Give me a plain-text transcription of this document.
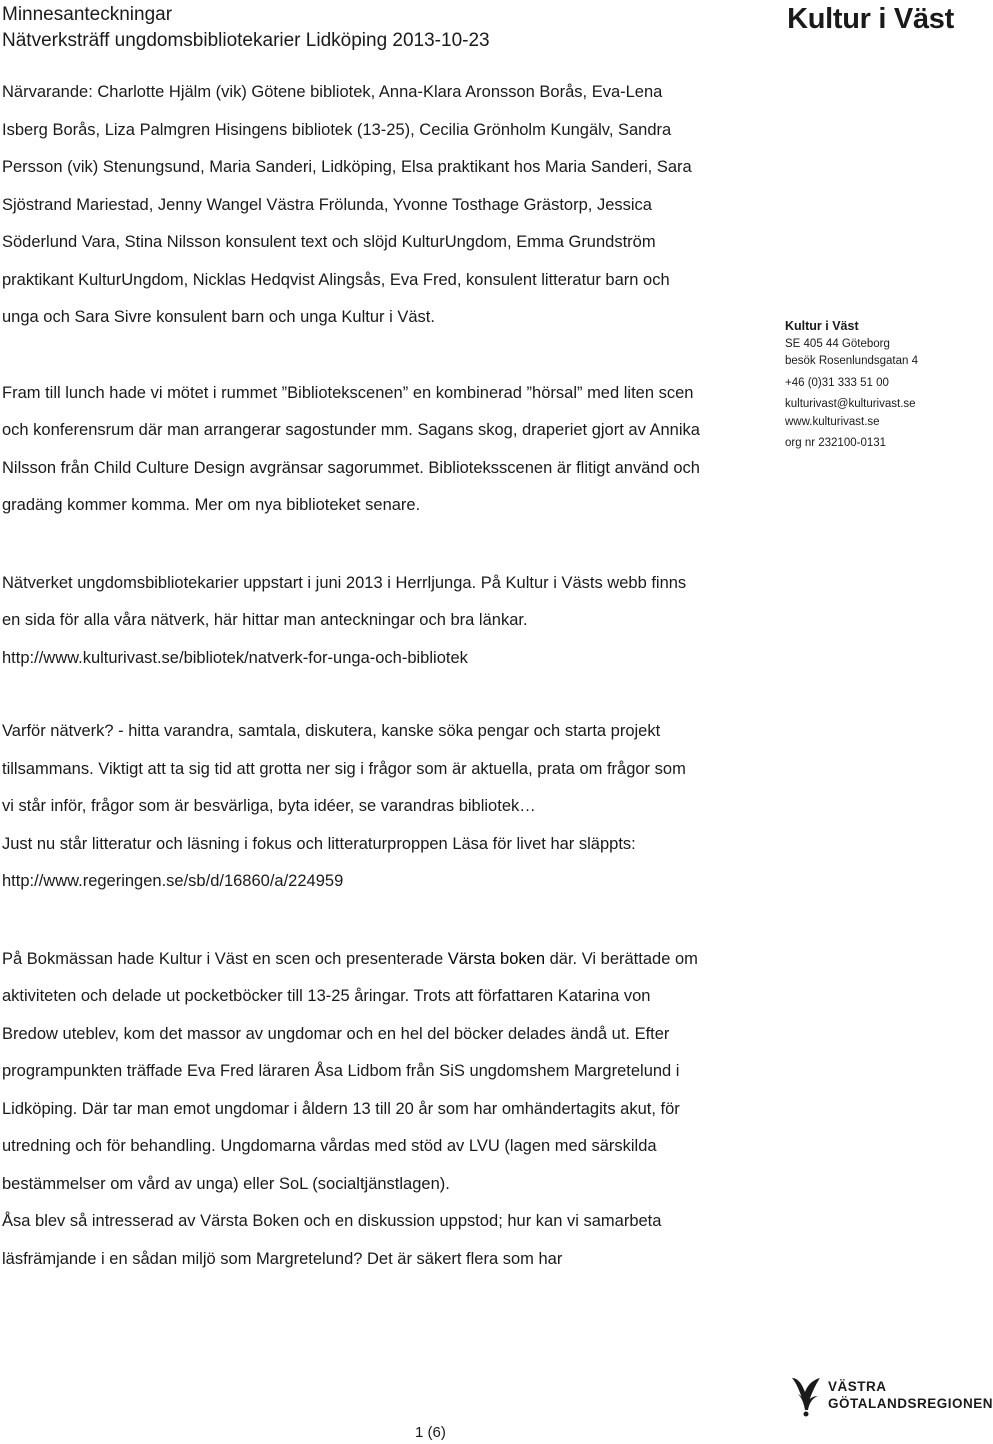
Minnesanteckningar
Nätverksträff ungdomsbibliotekarier Lidköping 2013-10-23
Kultur i Väst

Närvarande: Charlotte Hjälm (vik) Götene bibliotek, Anna-Klara Aronsson Borås, Eva-Lena Isberg Borås, Liza Palmgren Hisingens bibliotek (13-25), Cecilia Grönholm Kungälv, Sandra Persson (vik) Stenungsund, Maria Sanderi, Lidköping, Elsa praktikant hos Maria Sanderi, Sara Sjöstrand Mariestad, Jenny Wangel Västra Frölunda, Yvonne Tosthage Grästorp, Jessica Söderlund Vara, Stina Nilsson konsulent text och slöjd KulturUngdom, Emma Grundström praktikant KulturUngdom, Nicklas Hedqvist Alingsås, Eva Fred, konsulent litteratur barn och unga och Sara Sivre konsulent barn och unga Kultur i Väst.

Fram till lunch hade vi mötet i rummet ”Bibliotekscenen” en kombinerad ”hörsal” med liten scen och konferensrum där man arrangerar sagostunder mm. Sagans skog, draperiet gjort av Annika Nilsson från Child Culture Design avgränsar sagorummet. Biblioteksscenen är flitigt använd och gradäng kommer komma. Mer om nya biblioteket senare.

Nätverket ungdomsbibliotekarier uppstart i juni 2013 i Herrljunga. På Kultur i Västs webb finns en sida för alla våra nätverk, här hittar man anteckningar och bra länkar.
http://www.kulturivast.se/bibliotek/natverk-for-unga-och-bibliotek

Varför nätverk? - hitta varandra, samtala, diskutera, kanske söka pengar och starta projekt tillsammans. Viktigt att ta sig tid att grotta ner sig i frågor som är aktuella, prata om frågor som vi står inför, frågor som är besvärliga, byta idéer, se varandras bibliotek…

Just nu står litteratur och läsning i fokus och litteraturproppen Läsa för livet har släppts:
http://www.regeringen.se/sb/d/16860/a/224959

På Bokmässan hade Kultur i Väst en scen och presenterade Värsta boken där. Vi berättade om aktiviteten och delade ut pocketböcker till 13-25 åringar. Trots att författaren Katarina von Bredow uteblev, kom det massor av ungdomar och en hel del böcker delades ändå ut. Efter programpunkten träffade Eva Fred läraren Åsa Lidbom från SiS ungdomshem Margretelund i Lidköping. Där tar man emot ungdomar i åldern 13 till 20 år som har omhändertagits akut, för utredning och för behandling. Ungdomarna vårdas med stöd av LVU (lagen med särskilda bestämmelser om vård av unga) eller SoL (socialtjänstlagen).

Åsa blev så intresserad av Värsta Boken och en diskussion uppstod; hur kan vi samarbeta läsfrämjande i en sådan miljö som Margretelund? Det är säkert flera som har

Kultur i Väst
SE 405 44 Göteborg
besök Rosenlundsgatan 4
+46 (0)31 333 51 00
kulturivast@kulturivast.se
www.kulturivast.se
org nr 232100-0131
VÄSTRA
GÖTALANDSREGIONEN
1 (6)
